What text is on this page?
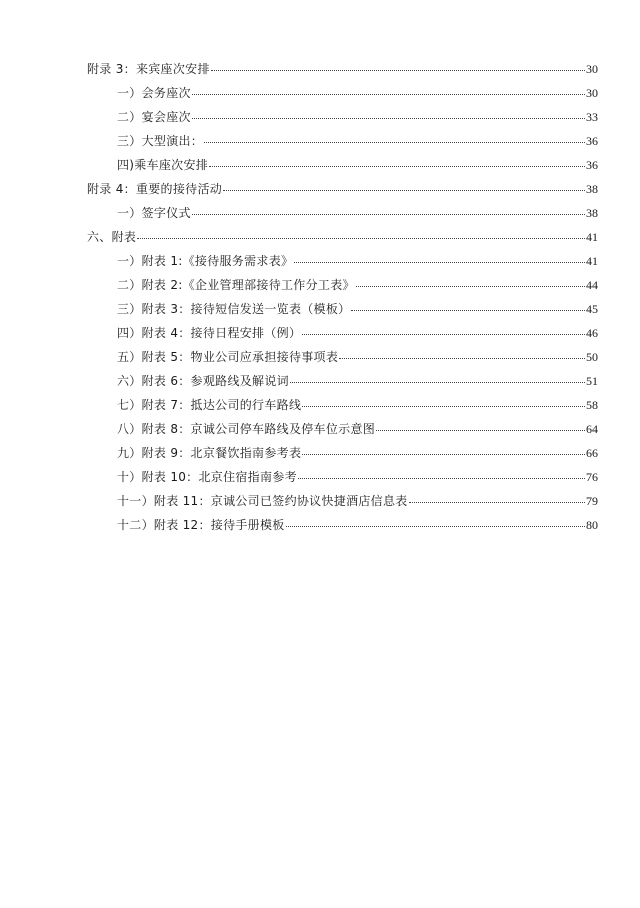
附录 3：来宾座次安排	30
一）会务座次	30
二）宴会座次	33
三）大型演出：	36
四)乘车座次安排	36
附录 4：重要的接待活动	38
一）签字仪式	38
六、附表	41
一）附表 1:《接待服务需求表》	41
二）附表 2:《企业管理部接待工作分工表》	44
三）附表 3：接待短信发送一览表（模板）	45
四）附表 4：接待日程安排（例）	46
五）附表 5：物业公司应承担接待事项表	50
六）附表 6：参观路线及解说词	51
七）附表 7：抵达公司的行车路线	58
八）附表 8：京诚公司停车路线及停车位示意图	64
九）附表 9：北京餐饮指南参考表	66
十）附表 10：北京住宿指南参考	76
十一）附表 11：京诚公司已签约协议快捷酒店信息表	79
十二）附表 12：接待手册模板	80
